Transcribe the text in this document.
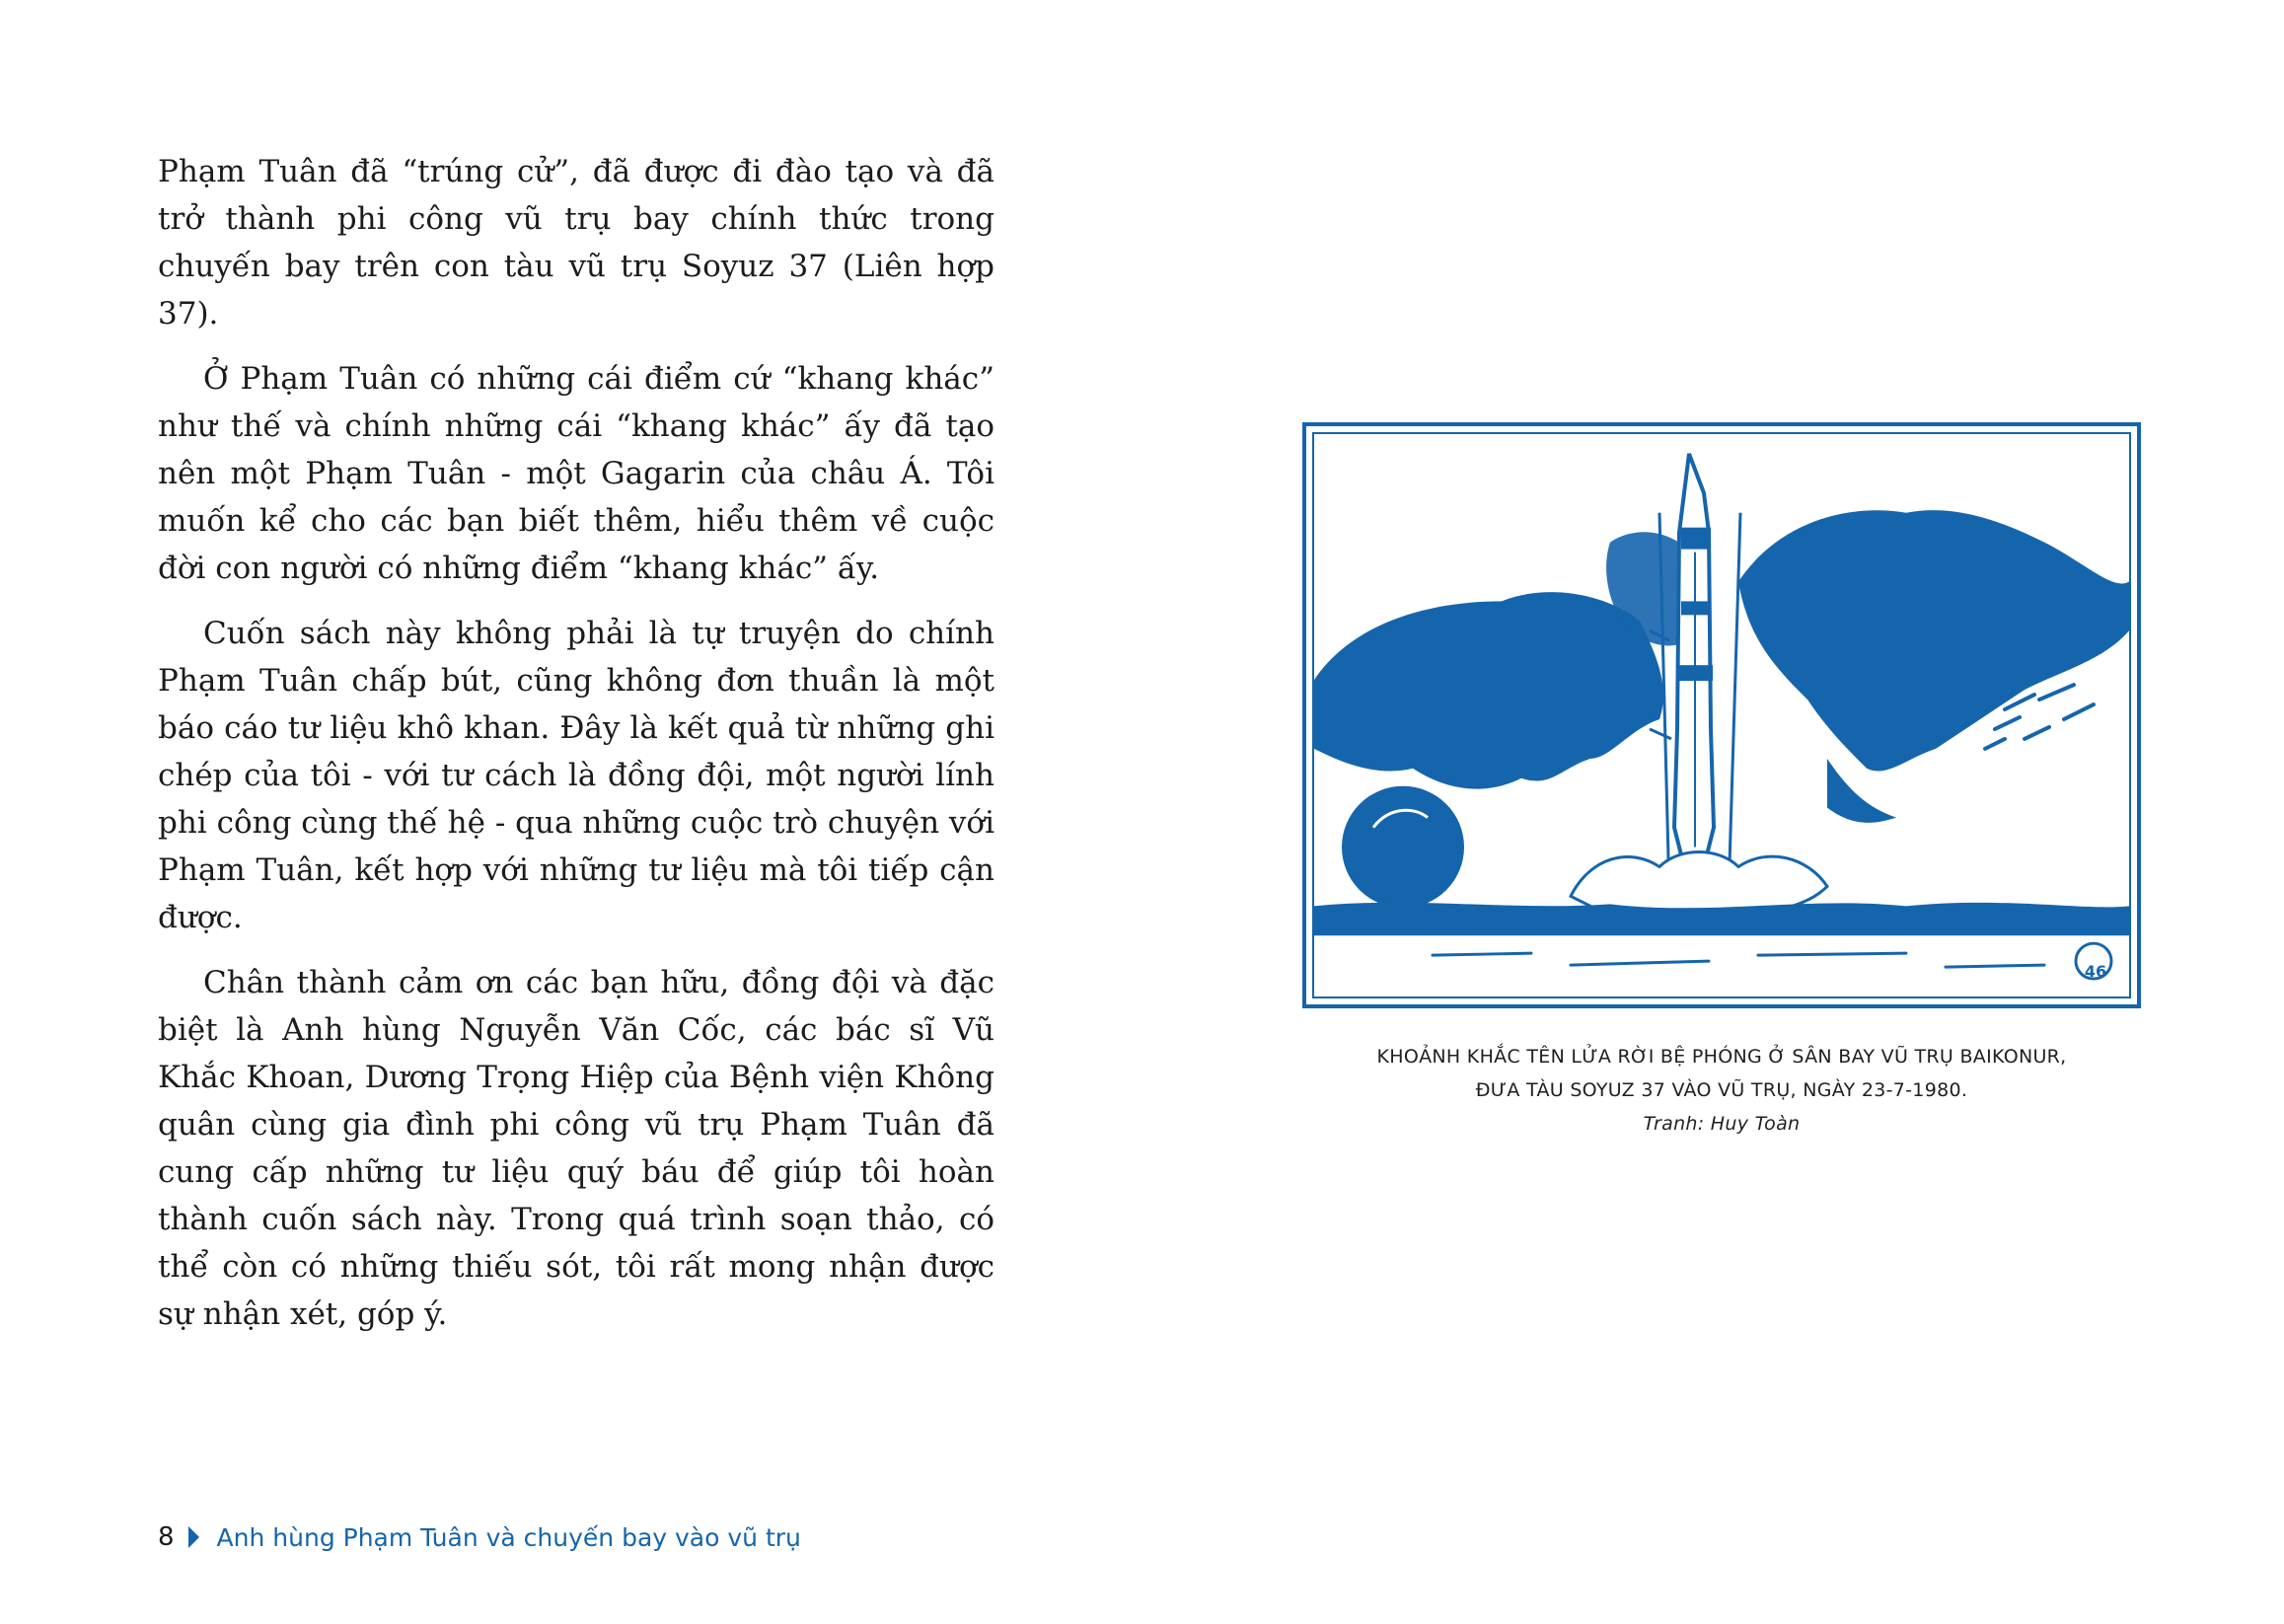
Phạm Tuân đã “trúng cử”, đã được đi đào tạo và đã trở thành phi công vũ trụ bay chính thức trong chuyến bay trên con tàu vũ trụ Soyuz 37 (Liên hợp 37).

Ở Phạm Tuân có những cái điểm cứ “khang khác” như thế và chính những cái “khang khác” ấy đã tạo nên một Phạm Tuân - một Gagarin của châu Á. Tôi muốn kể cho các bạn biết thêm, hiểu thêm về cuộc đời con người có những điểm “khang khác” ấy.

Cuốn sách này không phải là tự truyện do chính Phạm Tuân chấp bút, cũng không đơn thuần là một báo cáo tư liệu khô khan. Đây là kết quả từ những ghi chép của tôi - với tư cách là đồng đội, một người lính phi công cùng thế hệ - qua những cuộc trò chuyện với Phạm Tuân, kết hợp với những tư liệu mà tôi tiếp cận được.

Chân thành cảm ơn các bạn hữu, đồng đội và đặc biệt là Anh hùng Nguyễn Văn Cốc, các bác sĩ Vũ Khắc Khoan, Dương Trọng Hiệp của Bệnh viện Không quân cùng gia đình phi công vũ trụ Phạm Tuân đã cung cấp những tư liệu quý báu để giúp tôi hoàn thành cuốn sách này. Trong quá trình soạn thảo, có thể còn có những thiếu sót, tôi rất mong nhận được sự nhận xét, góp ý.

46
KHOẢNH KHẮC TÊN LỬA RỜI BỆ PHÓNG Ở SÂN BAY VŨ TRỤ BAIKONUR,
ĐƯA TÀU SOYUZ 37 VÀO VŨ TRỤ, NGÀY 23-7-1980.
Tranh: Huy Toàn
8 Anh hùng Phạm Tuân và chuyến bay vào vũ trụ
